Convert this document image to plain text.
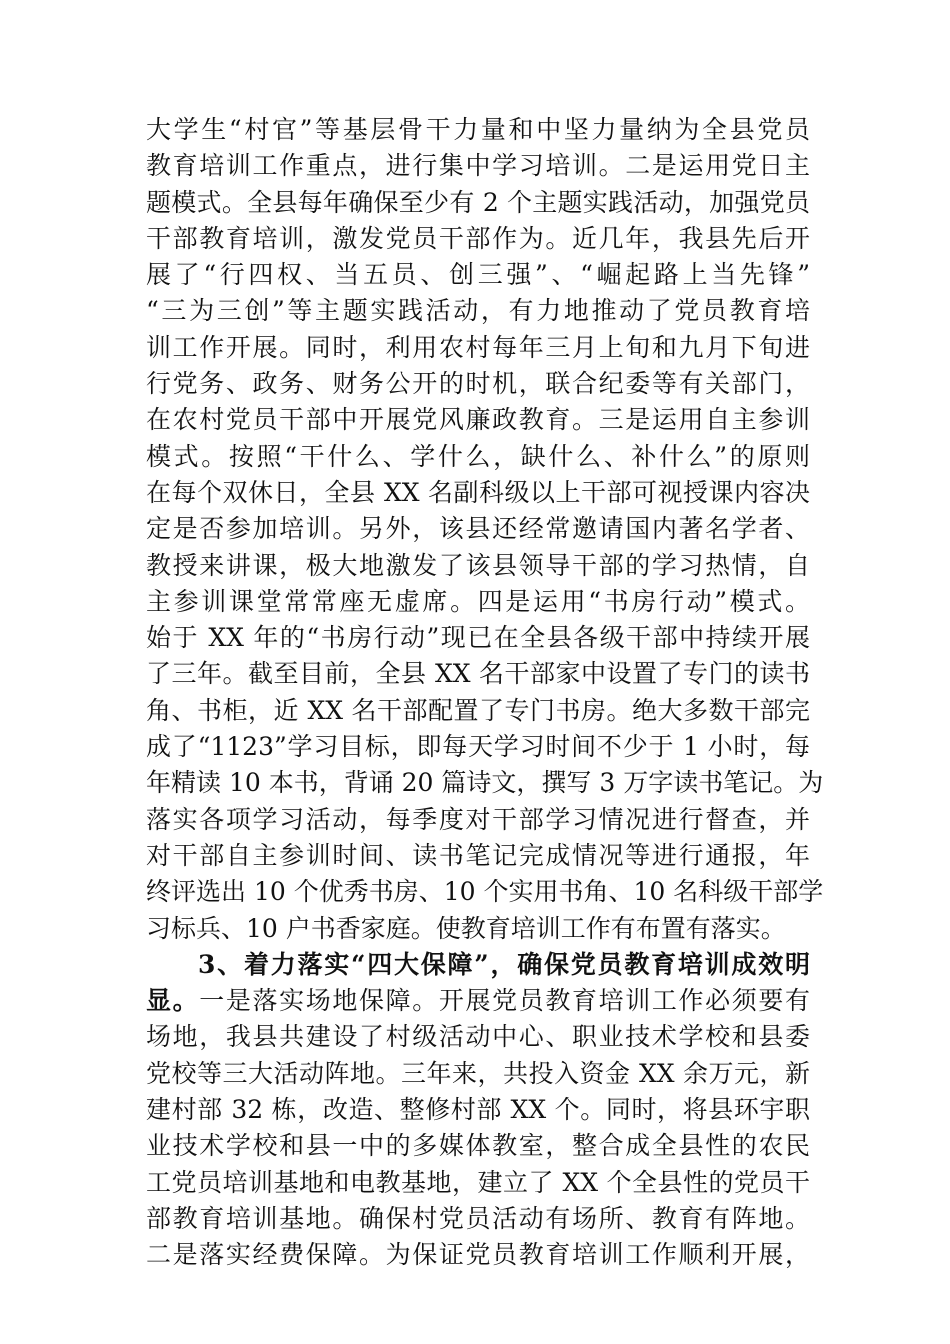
大学生“村官”等基层骨干力量和中坚力量纳为全县党员
教育培训工作重点，进行集中学习培训。二是运用党日主
题模式。全县每年确保至少有 2 个主题实践活动，加强党员
干部教育培训，激发党员干部作为。近几年，我县先后开
展了“行四权、当五员、创三强”、“崛起路上当先锋”
“三为三创”等主题实践活动，有力地推动了党员教育培
训工作开展。同时，利用农村每年三月上旬和九月下旬进
行党务、政务、财务公开的时机，联合纪委等有关部门，
在农村党员干部中开展党风廉政教育。三是运用自主参训
模式。按照“干什么、学什么，缺什么、补什么”的原则
在每个双休日，全县 XX 名副科级以上干部可视授课内容决
定是否参加培训。另外，该县还经常邀请国内著名学者、
教授来讲课，极大地激发了该县领导干部的学习热情，自
主参训课堂常常座无虚席。四是运用“书房行动”模式。
始于 XX 年的“书房行动”现已在全县各级干部中持续开展
了三年。截至目前，全县 XX 名干部家中设置了专门的读书
角、书柜，近 XX 名干部配置了专门书房。绝大多数干部完
成了“1123”学习目标，即每天学习时间不少于 1 小时，每
年精读 10 本书，背诵 20 篇诗文，撰写 3 万字读书笔记。为
落实各项学习活动，每季度对干部学习情况进行督查，并
对干部自主参训时间、读书笔记完成情况等进行通报，年
终评选出 10 个优秀书房、10 个实用书角、10 名科级干部学
习标兵、10 户书香家庭。使教育培训工作有布置有落实。
3、着力落实“四大保障”，确保党员教育培训成效明
显。一是落实场地保障。开展党员教育培训工作必须要有
场地，我县共建设了村级活动中心、职业技术学校和县委
党校等三大活动阵地。三年来，共投入资金 XX 余万元，新
建村部 32 栋，改造、整修村部 XX 个。同时，将县环宇职
业技术学校和县一中的多媒体教室，整合成全县性的农民
工党员培训基地和电教基地，建立了 XX 个全县性的党员干
部教育培训基地。确保村党员活动有场所、教育有阵地。
二是落实经费保障。为保证党员教育培训工作顺利开展，
